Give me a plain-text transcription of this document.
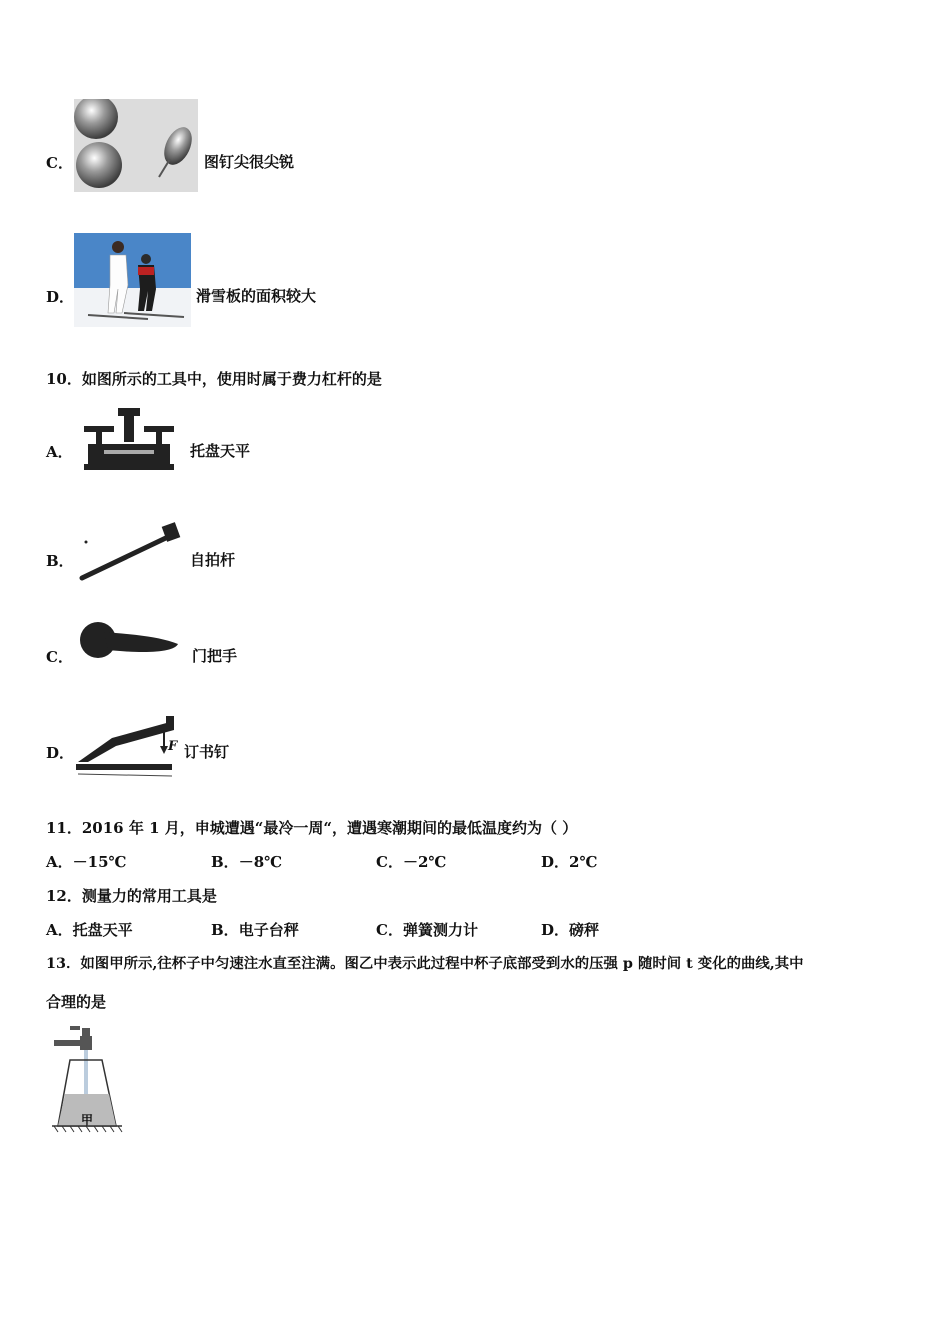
C．	图钉尖很尖锐
D．	滑雪板的面积较大
10．如图所示的工具中，使用时属于费力杠杆的是
A．	托盘天平
B．	自拍杆
C．	门把手
D．	F 订书钉
11．2016 年 1 月，申城遭遇“最冷一周“，遭遇寒潮期间的最低温度约为（ ）
A．－15℃	B．－8℃	C．－2℃	D．2℃
12．测量力的常用工具是
A．托盘天平	B．电子台秤	C．弹簧测力计	D．磅秤
13．如图甲所示,往杯子中匀速注水直至注满。图乙中表示此过程中杯子底部受到水的压强 p 随时间 t 变化的曲线,其中
合理的是
甲
